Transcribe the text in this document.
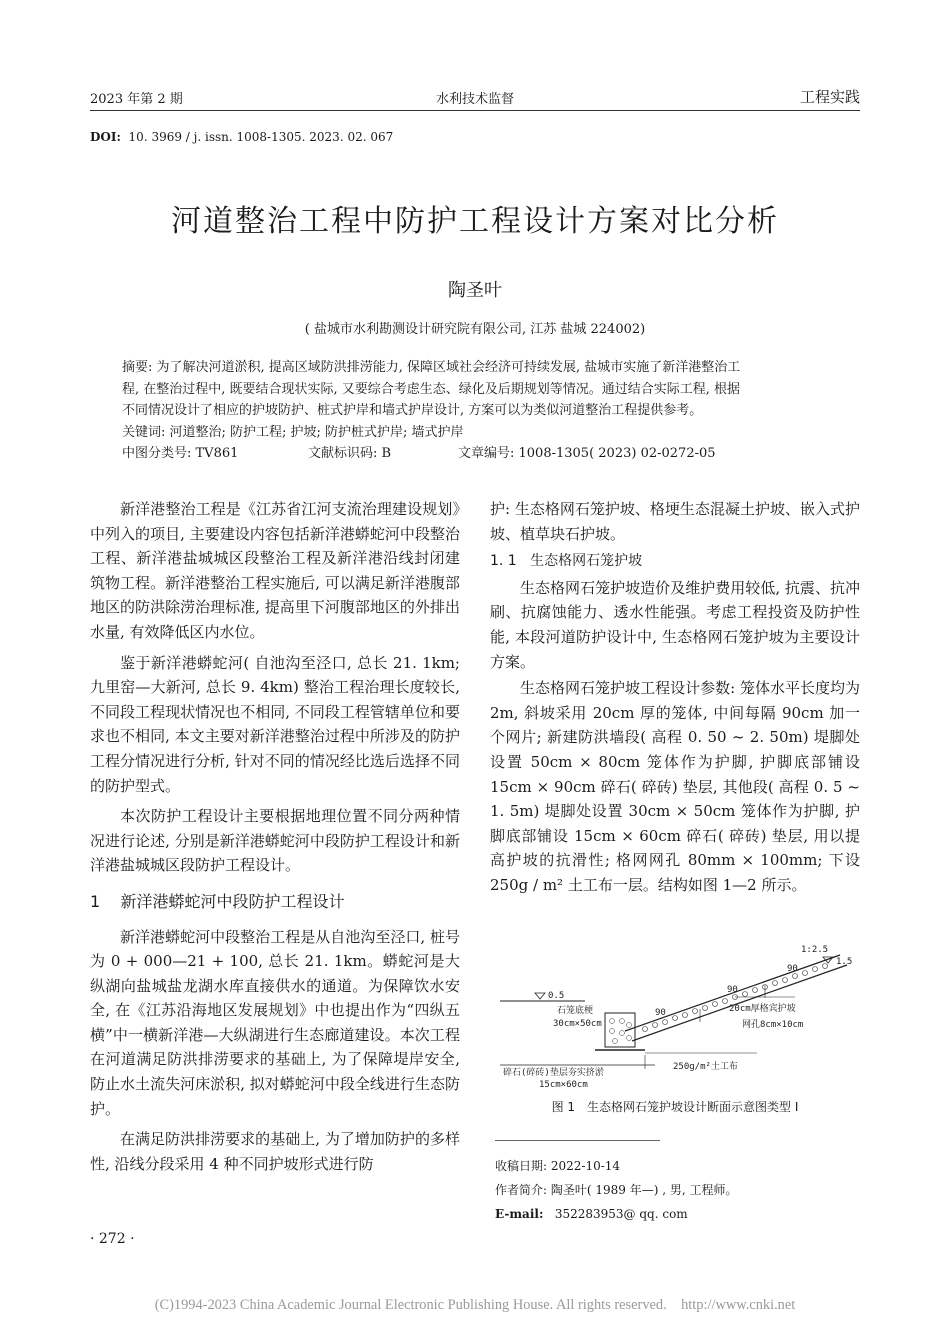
2023 年第 2 期	水利技术监督	工程实践
DOI: 10. 3969 / j. issn. 1008-1305. 2023. 02. 067
河道整治工程中防护工程设计方案对比分析
陶圣叶
( 盐城市水利勘测设计研究院有限公司, 江苏 盐城 224002)
摘要: 为了解决河道淤积, 提高区域防洪排涝能力, 保障区域社会经济可持续发展, 盐城市实施了新洋港整治工
程, 在整治过程中, 既要结合现状实际, 又要综合考虑生态、绿化及后期规划等情况。通过结合实际工程, 根据
不同情况设计了相应的护坡防护、桩式护岸和墙式护岸设计, 方案可以为类似河道整治工程提供参考。
关键词: 河道整治; 防护工程; 护坡; 防护桩式护岸; 墙式护岸
中图分类号: TV861	文献标识码: B	文章编号: 1008-1305( 2023) 02-0272-05

新洋港整治工程是《江苏省江河支流治理建设规划》中列入的项目, 主要建设内容包括新洋港蟒蛇河中段整治工程、新洋港盐城城区段整治工程及新洋港沿线封闭建筑物工程。新洋港整治工程实施后, 可以满足新洋港腹部地区的防洪除涝治理标准, 提高里下河腹部地区的外排出水量, 有效降低区内水位。

鉴于新洋港蟒蛇河( 自池沟至泾口, 总长 21. 1km; 九里窑—大新河, 总长 9. 4km) 整治工程治理长度较长, 不同段工程现状情况也不相同, 不同段工程管辖单位和要求也不相同, 本文主要对新洋港整治过程中所涉及的防护工程分情况进行分析, 针对不同的情况经比选后选择不同的防护型式。

本次防护工程设计主要根据地理位置不同分两种情况进行论述, 分别是新洋港蟒蛇河中段防护工程设计和新洋港盐城城区段防护工程设计。

1 新洋港蟒蛇河中段防护工程设计

新洋港蟒蛇河中段整治工程是从自池沟至泾口, 桩号为 0 + 000—21 + 100, 总长 21. 1km。蟒蛇河是大纵湖向盐城盐龙湖水库直接供水的通道。为保障饮水安全, 在《江苏沿海地区发展规划》中也提出作为“四纵五横”中一横新洋港—大纵湖进行生态廊道建设。本次工程在河道满足防洪排涝要求的基础上, 为了保障堤岸安全, 防止水土流失河床淤积, 拟对蟒蛇河中段全线进行生态防护。

在满足防洪排涝要求的基础上, 为了增加防护的多样性, 沿线分段采用 4 种不同护坡形式进行防

护: 生态格网石笼护坡、格埂生态混凝土护坡、嵌入式护坡、植草块石护坡。

1. 1 生态格网石笼护坡

生态格网石笼护坡造价及维护费用较低, 抗震、抗冲刷、抗腐蚀能力、透水性能强。考虑工程投资及防护性能, 本段河道防护设计中, 生态格网石笼护坡为主要设计方案。

生态格网石笼护坡工程设计参数: 笼体水平长度均为 2m, 斜坡采用 20cm 厚的笼体, 中间每隔 90cm 加一个网片; 新建防洪墙段( 高程 0. 50 ~ 2. 50m) 堤脚处设置 50cm × 80cm 笼体作为护脚, 护脚底部铺设 15cm × 90cm 碎石( 碎砖) 垫层, 其他段( 高程 0. 5 ~ 1. 5m) 堤脚处设置 30cm × 50cm 笼体作为护脚, 护脚底部铺设 15cm × 60cm 碎石( 碎砖) 垫层, 用以提高护坡的抗滑性; 格网网孔 80mm × 100mm; 下设 250g / m² 土工布一层。结构如图 1—2 所示。

0.5
90
90
90
石笼底梗
30cm×50cm
碎石(碎砖)垫层夯实挤淤
15cm×60cm
250g/m²土工布
20cm厚格宾护坡
网孔8cm×10cm
1.5
1:2.5
图 1　生态格网石笼护坡设计断面示意图类型 I
收稿日期: 2022-10-14
作者简介: 陶圣叶( 1989 年—) , 男, 工程师。
E-mail: 352283953@ qq. com
· 272 ·
(C)1994-2023 China Academic Journal Electronic Publishing House. All rights reserved.    http://www.cnki.net
